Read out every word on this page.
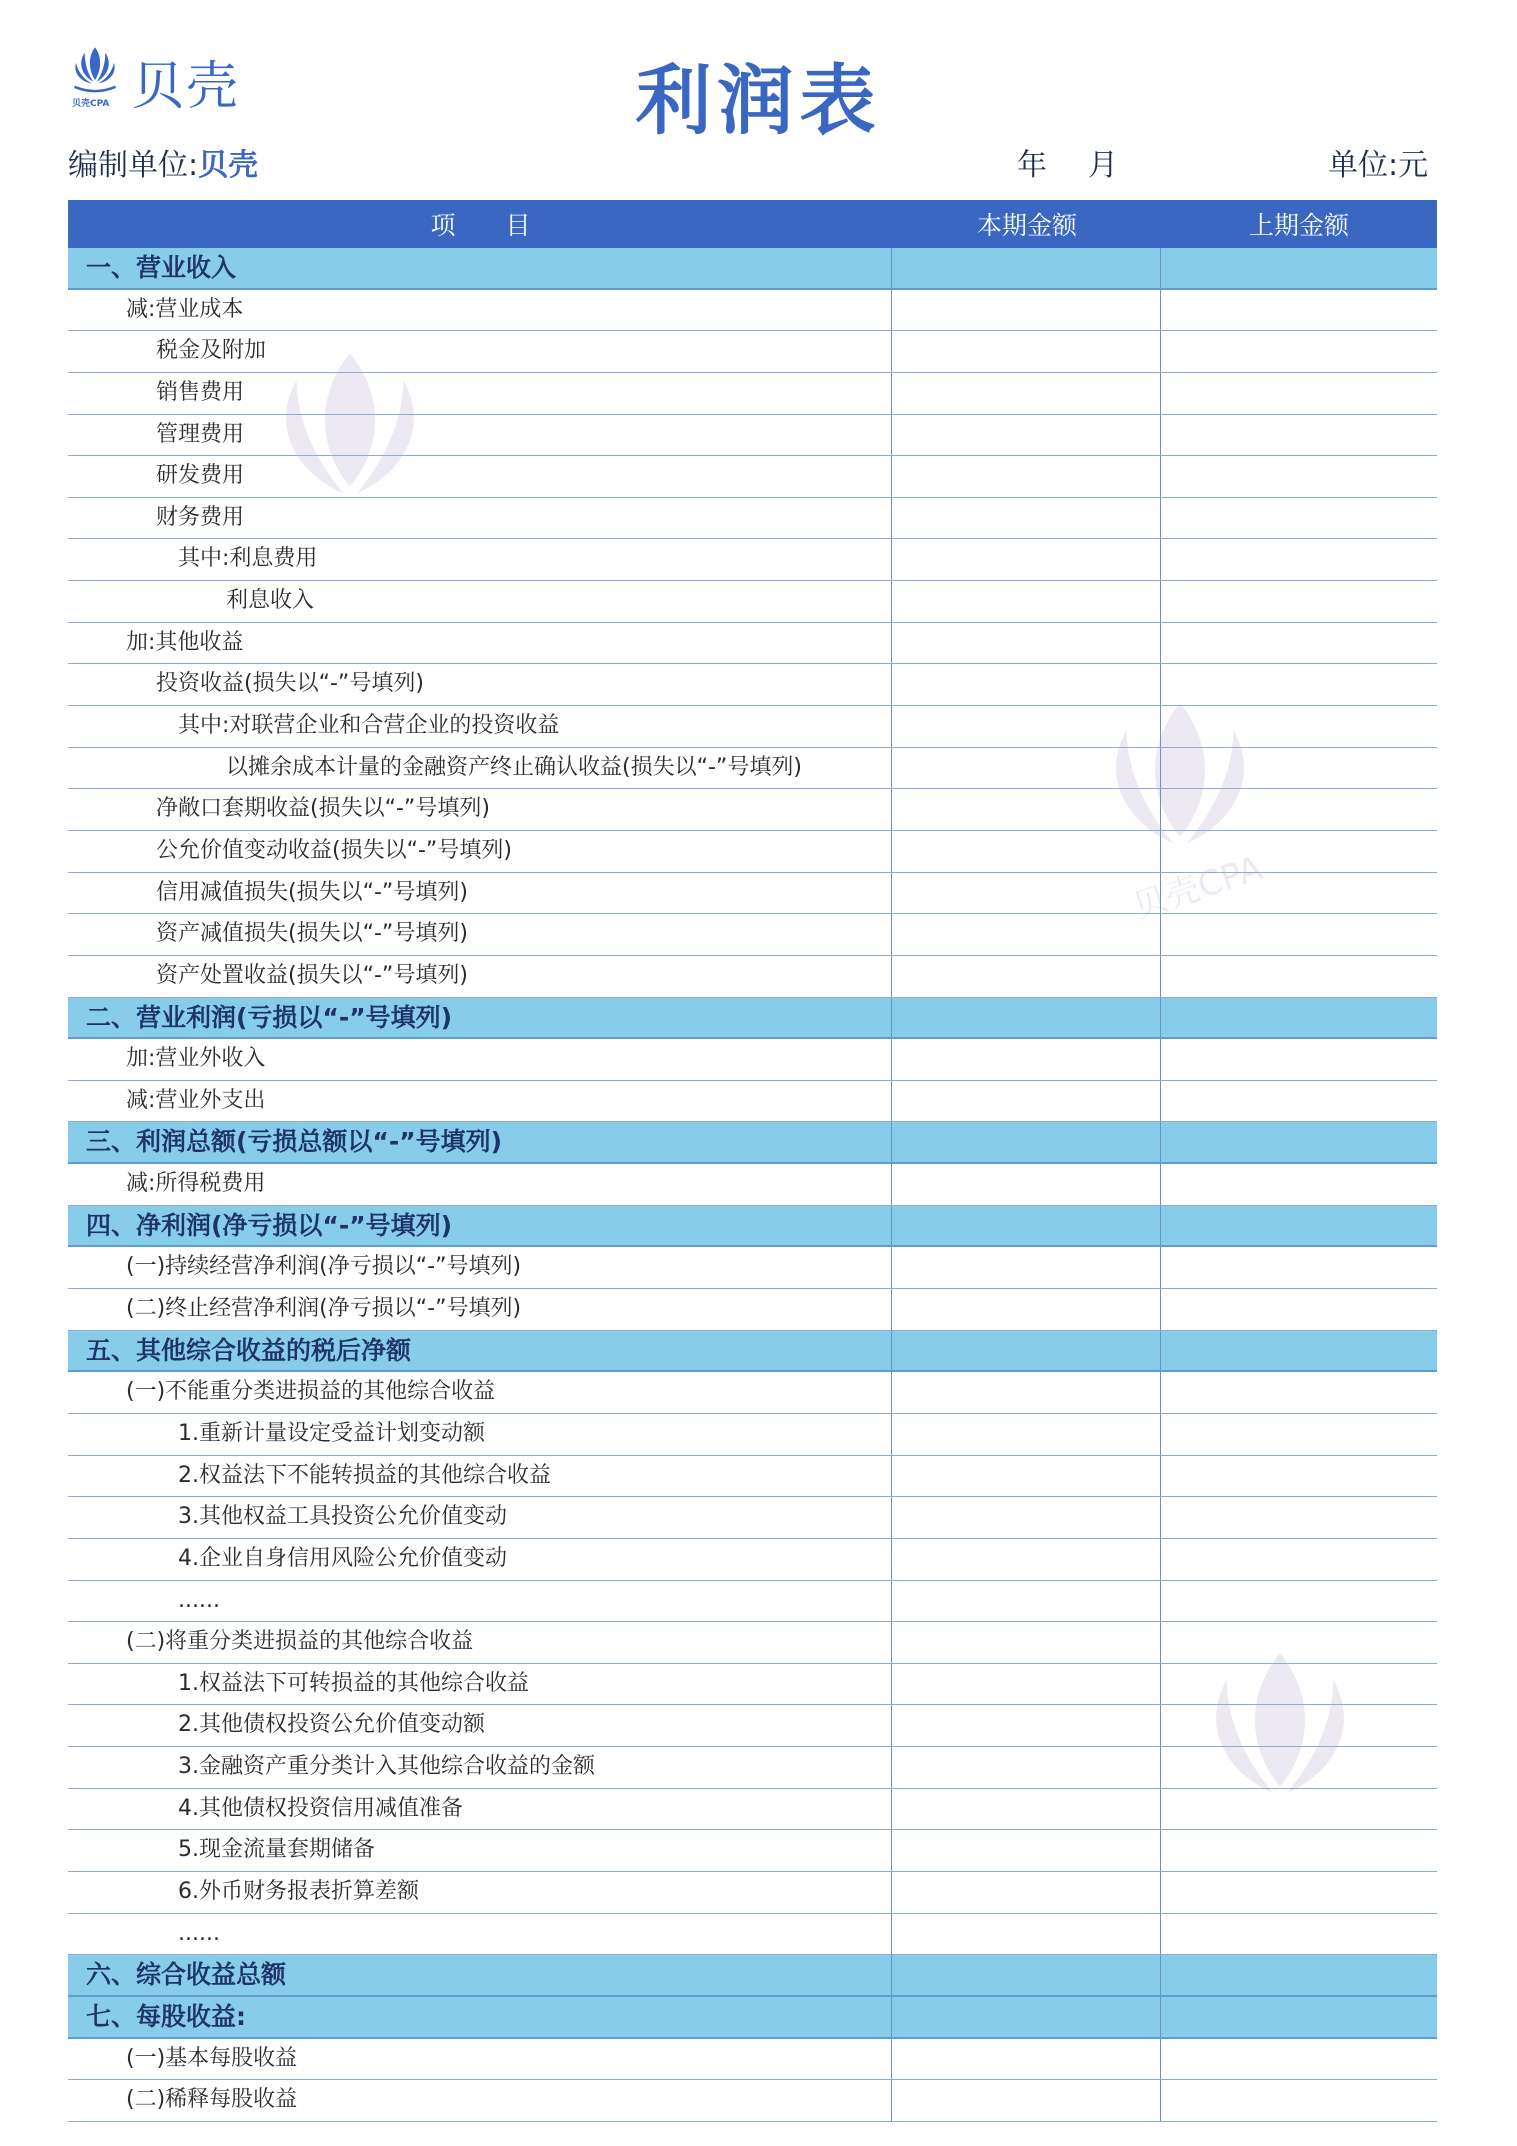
贝壳
贝壳CPA	利润表
编制单位:贝壳	年 月	单位:元
贝壳CPA
项　　目	本期金额	上期金额
一、营业收入
减:营业成本
税金及附加
销售费用
管理费用
研发费用
财务费用
其中:利息费用
利息收入
加:其他收益
投资收益(损失以“-”号填列)
其中:对联营企业和合营企业的投资收益
以摊余成本计量的金融资产终止确认收益(损失以“-”号填列)
净敞口套期收益(损失以“-”号填列)
公允价值变动收益(损失以“-”号填列)
信用减值损失(损失以“-”号填列)
资产减值损失(损失以“-”号填列)
资产处置收益(损失以“-”号填列)
二、营业利润(亏损以“-”号填列)
加:营业外收入
减:营业外支出
三、利润总额(亏损总额以“-”号填列)
减:所得税费用
四、净利润(净亏损以“-”号填列)
(一)持续经营净利润(净亏损以“-”号填列)
(二)终止经营净利润(净亏损以“-”号填列)
五、其他综合收益的税后净额
(一)不能重分类进损益的其他综合收益
1.重新计量设定受益计划变动额
2.权益法下不能转损益的其他综合收益
3.其他权益工具投资公允价值变动
4.企业自身信用风险公允价值变动
......
(二)将重分类进损益的其他综合收益
1.权益法下可转损益的其他综合收益
2.其他债权投资公允价值变动额
3.金融资产重分类计入其他综合收益的金额
4.其他债权投资信用减值准备
5.现金流量套期储备
6.外币财务报表折算差额
......
六、综合收益总额
七、每股收益:
(一)基本每股收益
(二)稀释每股收益
